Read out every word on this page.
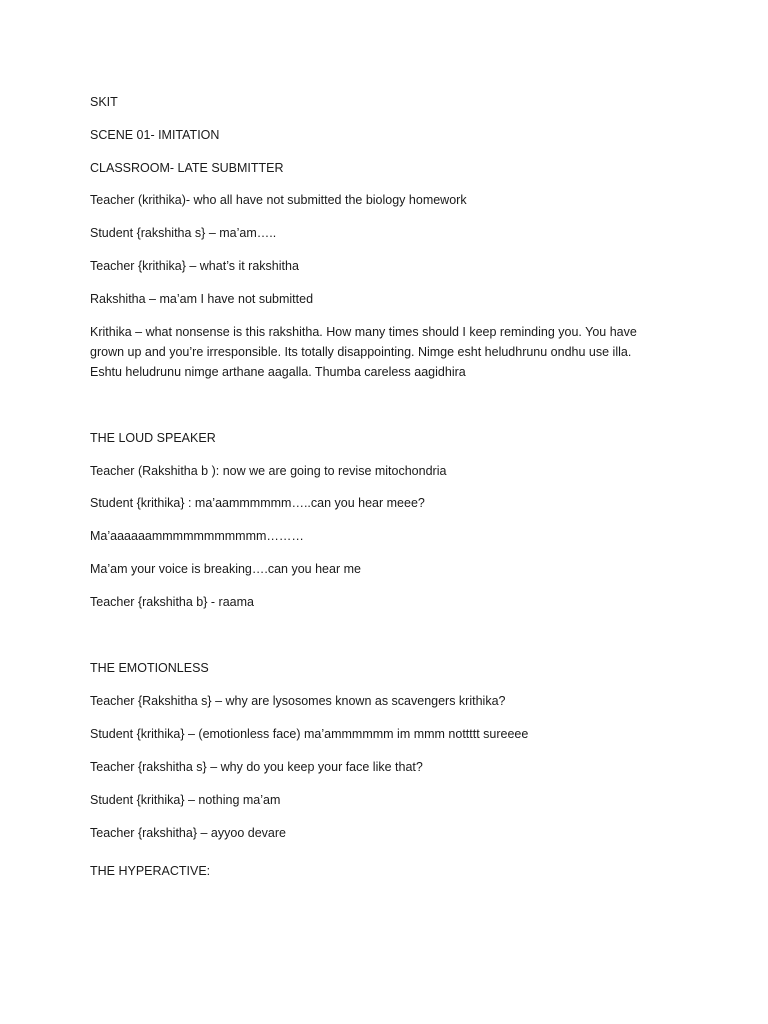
SKIT
SCENE 01- IMITATION
CLASSROOM- LATE SUBMITTER
Teacher (krithika)- who all have not submitted the biology homework
Student {rakshitha s} – ma’am…..
Teacher {krithika} – what’s it rakshitha
Rakshitha – ma’am I have not submitted
Krithika – what nonsense is this rakshitha. How many times should I keep reminding you. You have
grown up and you’re irresponsible. Its totally disappointing. Nimge esht heludhrunu ondhu use illa.
Eshtu heludrunu nimge arthane aagalla. Thumba careless aagidhira
THE LOUD SPEAKER
Teacher (Rakshitha b ): now we are going to revise mitochondria
Student {krithika} : ma’aammmmmm…..can you hear meee?
Ma’aaaaaammmmmmmmmmm………
Ma’am your voice is breaking….can you hear me
Teacher {rakshitha b} - raama
THE EMOTIONLESS
Teacher {Rakshitha s} – why are lysosomes known as scavengers krithika?
Student {krithika} – (emotionless face) ma’ammmmmm im mmm nottttt sureeee
Teacher {rakshitha s} – why do you keep your face like that?
Student {krithika} – nothing ma’am
Teacher {rakshitha} – ayyoo devare
THE HYPERACTIVE:
